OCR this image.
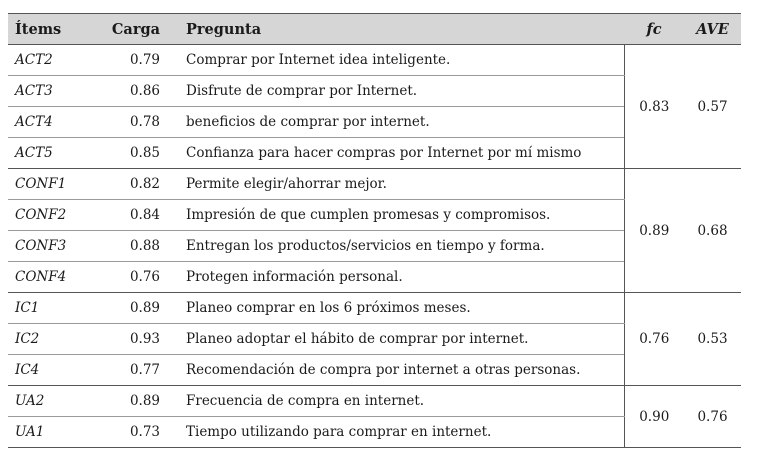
Ítems	Carga	Pregunta	fc	AVE
ACT2	0.79	Comprar por Internet idea inteligente.	0.83	0.57
ACT3	0.86	Disfrute de comprar por Internet.		
ACT4	0.78	beneficios de comprar por internet.		
ACT5	0.85	Confianza para hacer compras por Internet por mí mismo		
CONF1	0.82	Permite elegir/ahorrar mejor.	0.89	0.68
CONF2	0.84	Impresión de que cumplen promesas y compromisos.		
CONF3	0.88	Entregan los productos/servicios en tiempo y forma.		
CONF4	0.76	Protegen información personal.		
IC1	0.89	Planeo comprar en los 6 próximos meses.	0.76	0.53
IC2	0.93	Planeo adoptar el hábito de comprar por internet.		
IC4	0.77	Recomendación de compra por internet a otras personas.		
UA2	0.89	Frecuencia de compra en internet.	0.90	0.76
UA1	0.73	Tiempo utilizando para comprar en internet.		
